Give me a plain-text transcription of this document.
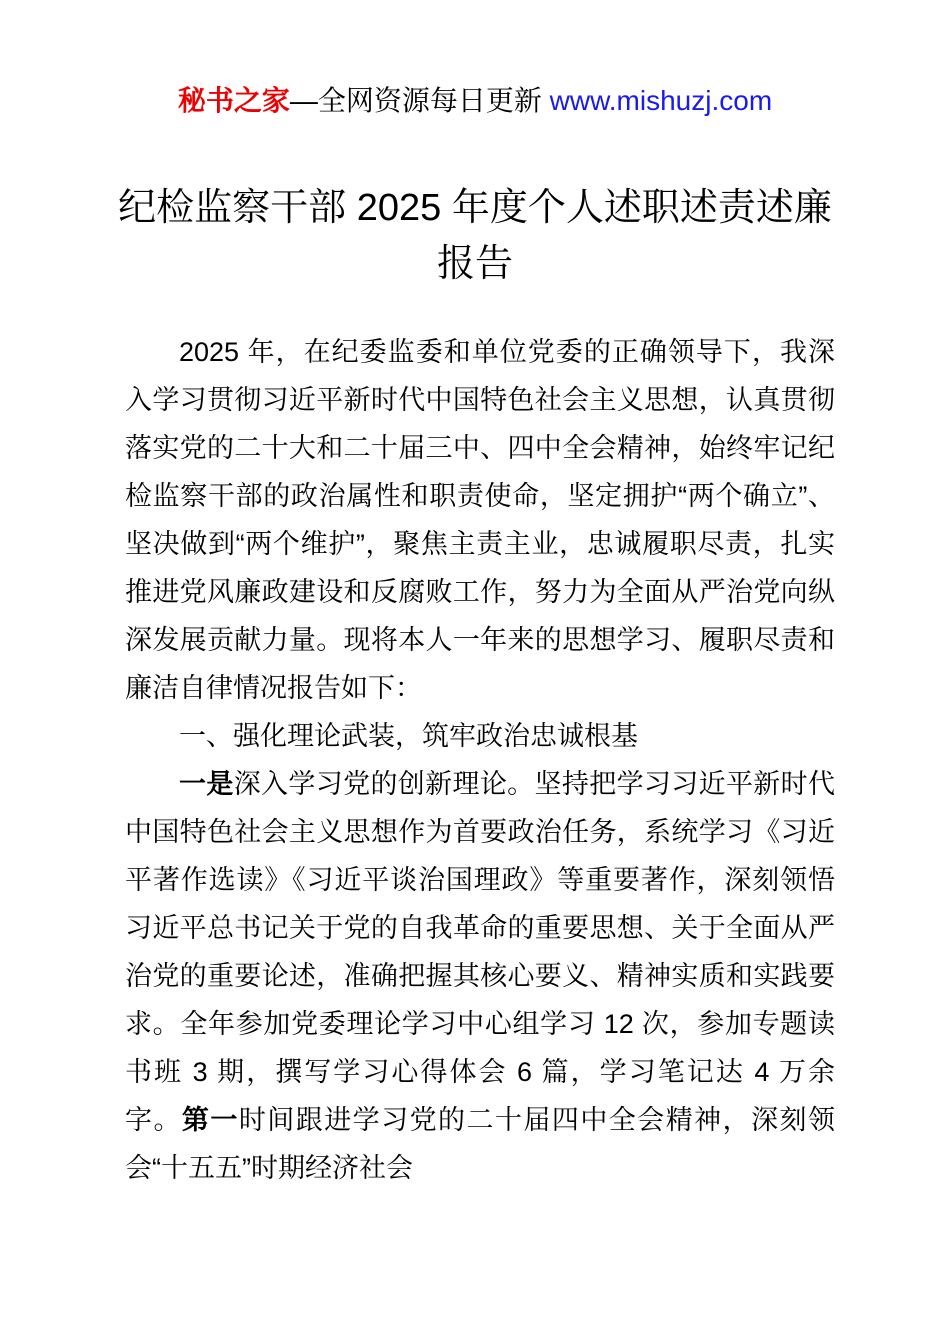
秘书之家—全网资源每日更新 www.mishuzj.com
纪检监察干部 2025 年度个人述职述责述廉报告

2025 年，在纪委监委和单位党委的正确领导下，我深入学习贯彻习近平新时代中国特色社会主义思想，认真贯彻落实党的二十大和二十届三中、四中全会精神，始终牢记纪检监察干部的政治属性和职责使命，坚定拥护“两个确立”、坚决做到“两个维护”，聚焦主责主业，忠诚履职尽责，扎实推进党风廉政建设和反腐败工作，努力为全面从严治党向纵深发展贡献力量。现将本人一年来的思想学习、履职尽责和廉洁自律情况报告如下：

一、强化理论武装，筑牢政治忠诚根基

一是深入学习党的创新理论。坚持把学习习近平新时代中国特色社会主义思想作为首要政治任务，系统学习《习近平著作选读》《习近平谈治国理政》等重要著作，深刻领悟习近平总书记关于党的自我革命的重要思想、关于全面从严治党的重要论述，准确把握其核心要义、精神实质和实践要求。全年参加党委理论学习中心组学习 12 次，参加专题读书班 3 期，撰写学习心得体会 6 篇，学习笔记达 4 万余字。第一时间跟进学习党的二十届四中全会精神，深刻领会“十五五”时期经济社会
